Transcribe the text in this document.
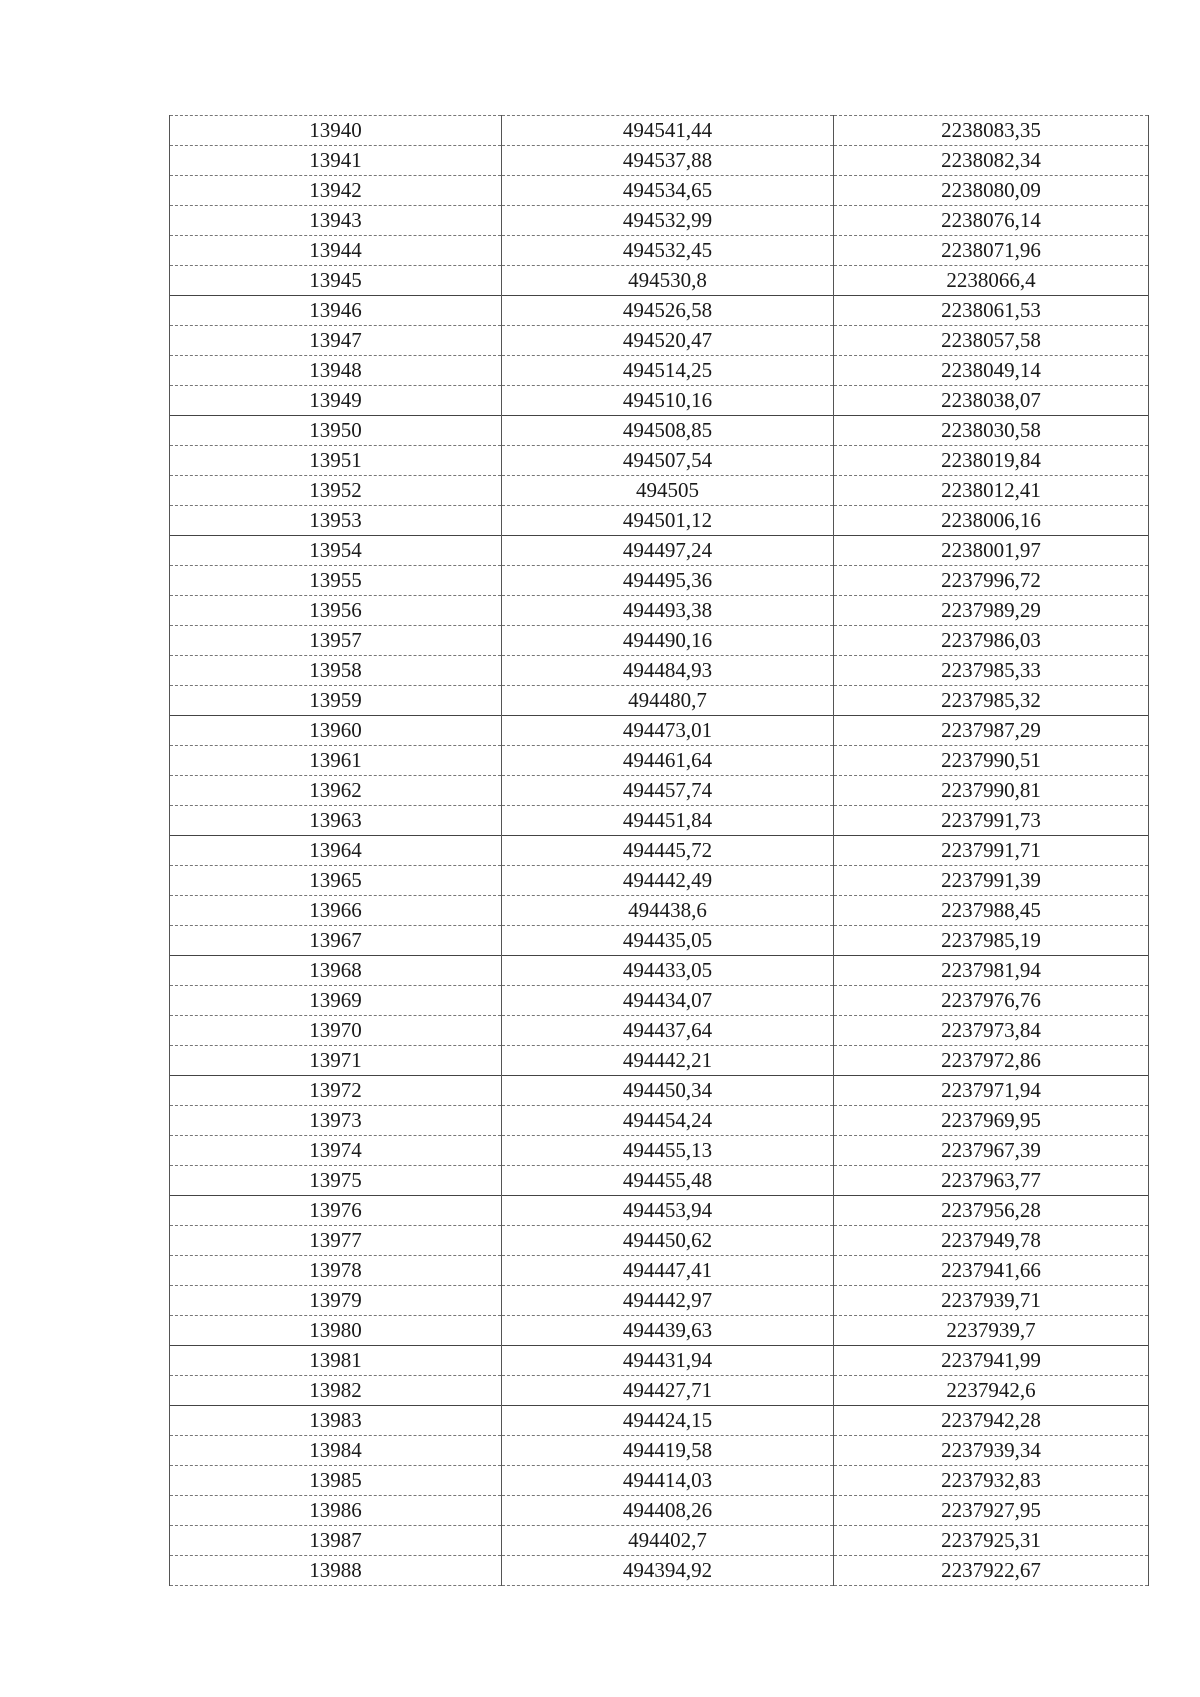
13940	494541,44	2238083,35
13941	494537,88	2238082,34
13942	494534,65	2238080,09
13943	494532,99	2238076,14
13944	494532,45	2238071,96
13945	494530,8	2238066,4
13946	494526,58	2238061,53
13947	494520,47	2238057,58
13948	494514,25	2238049,14
13949	494510,16	2238038,07
13950	494508,85	2238030,58
13951	494507,54	2238019,84
13952	494505	2238012,41
13953	494501,12	2238006,16
13954	494497,24	2238001,97
13955	494495,36	2237996,72
13956	494493,38	2237989,29
13957	494490,16	2237986,03
13958	494484,93	2237985,33
13959	494480,7	2237985,32
13960	494473,01	2237987,29
13961	494461,64	2237990,51
13962	494457,74	2237990,81
13963	494451,84	2237991,73
13964	494445,72	2237991,71
13965	494442,49	2237991,39
13966	494438,6	2237988,45
13967	494435,05	2237985,19
13968	494433,05	2237981,94
13969	494434,07	2237976,76
13970	494437,64	2237973,84
13971	494442,21	2237972,86
13972	494450,34	2237971,94
13973	494454,24	2237969,95
13974	494455,13	2237967,39
13975	494455,48	2237963,77
13976	494453,94	2237956,28
13977	494450,62	2237949,78
13978	494447,41	2237941,66
13979	494442,97	2237939,71
13980	494439,63	2237939,7
13981	494431,94	2237941,99
13982	494427,71	2237942,6
13983	494424,15	2237942,28
13984	494419,58	2237939,34
13985	494414,03	2237932,83
13986	494408,26	2237927,95
13987	494402,7	2237925,31
13988	494394,92	2237922,67
